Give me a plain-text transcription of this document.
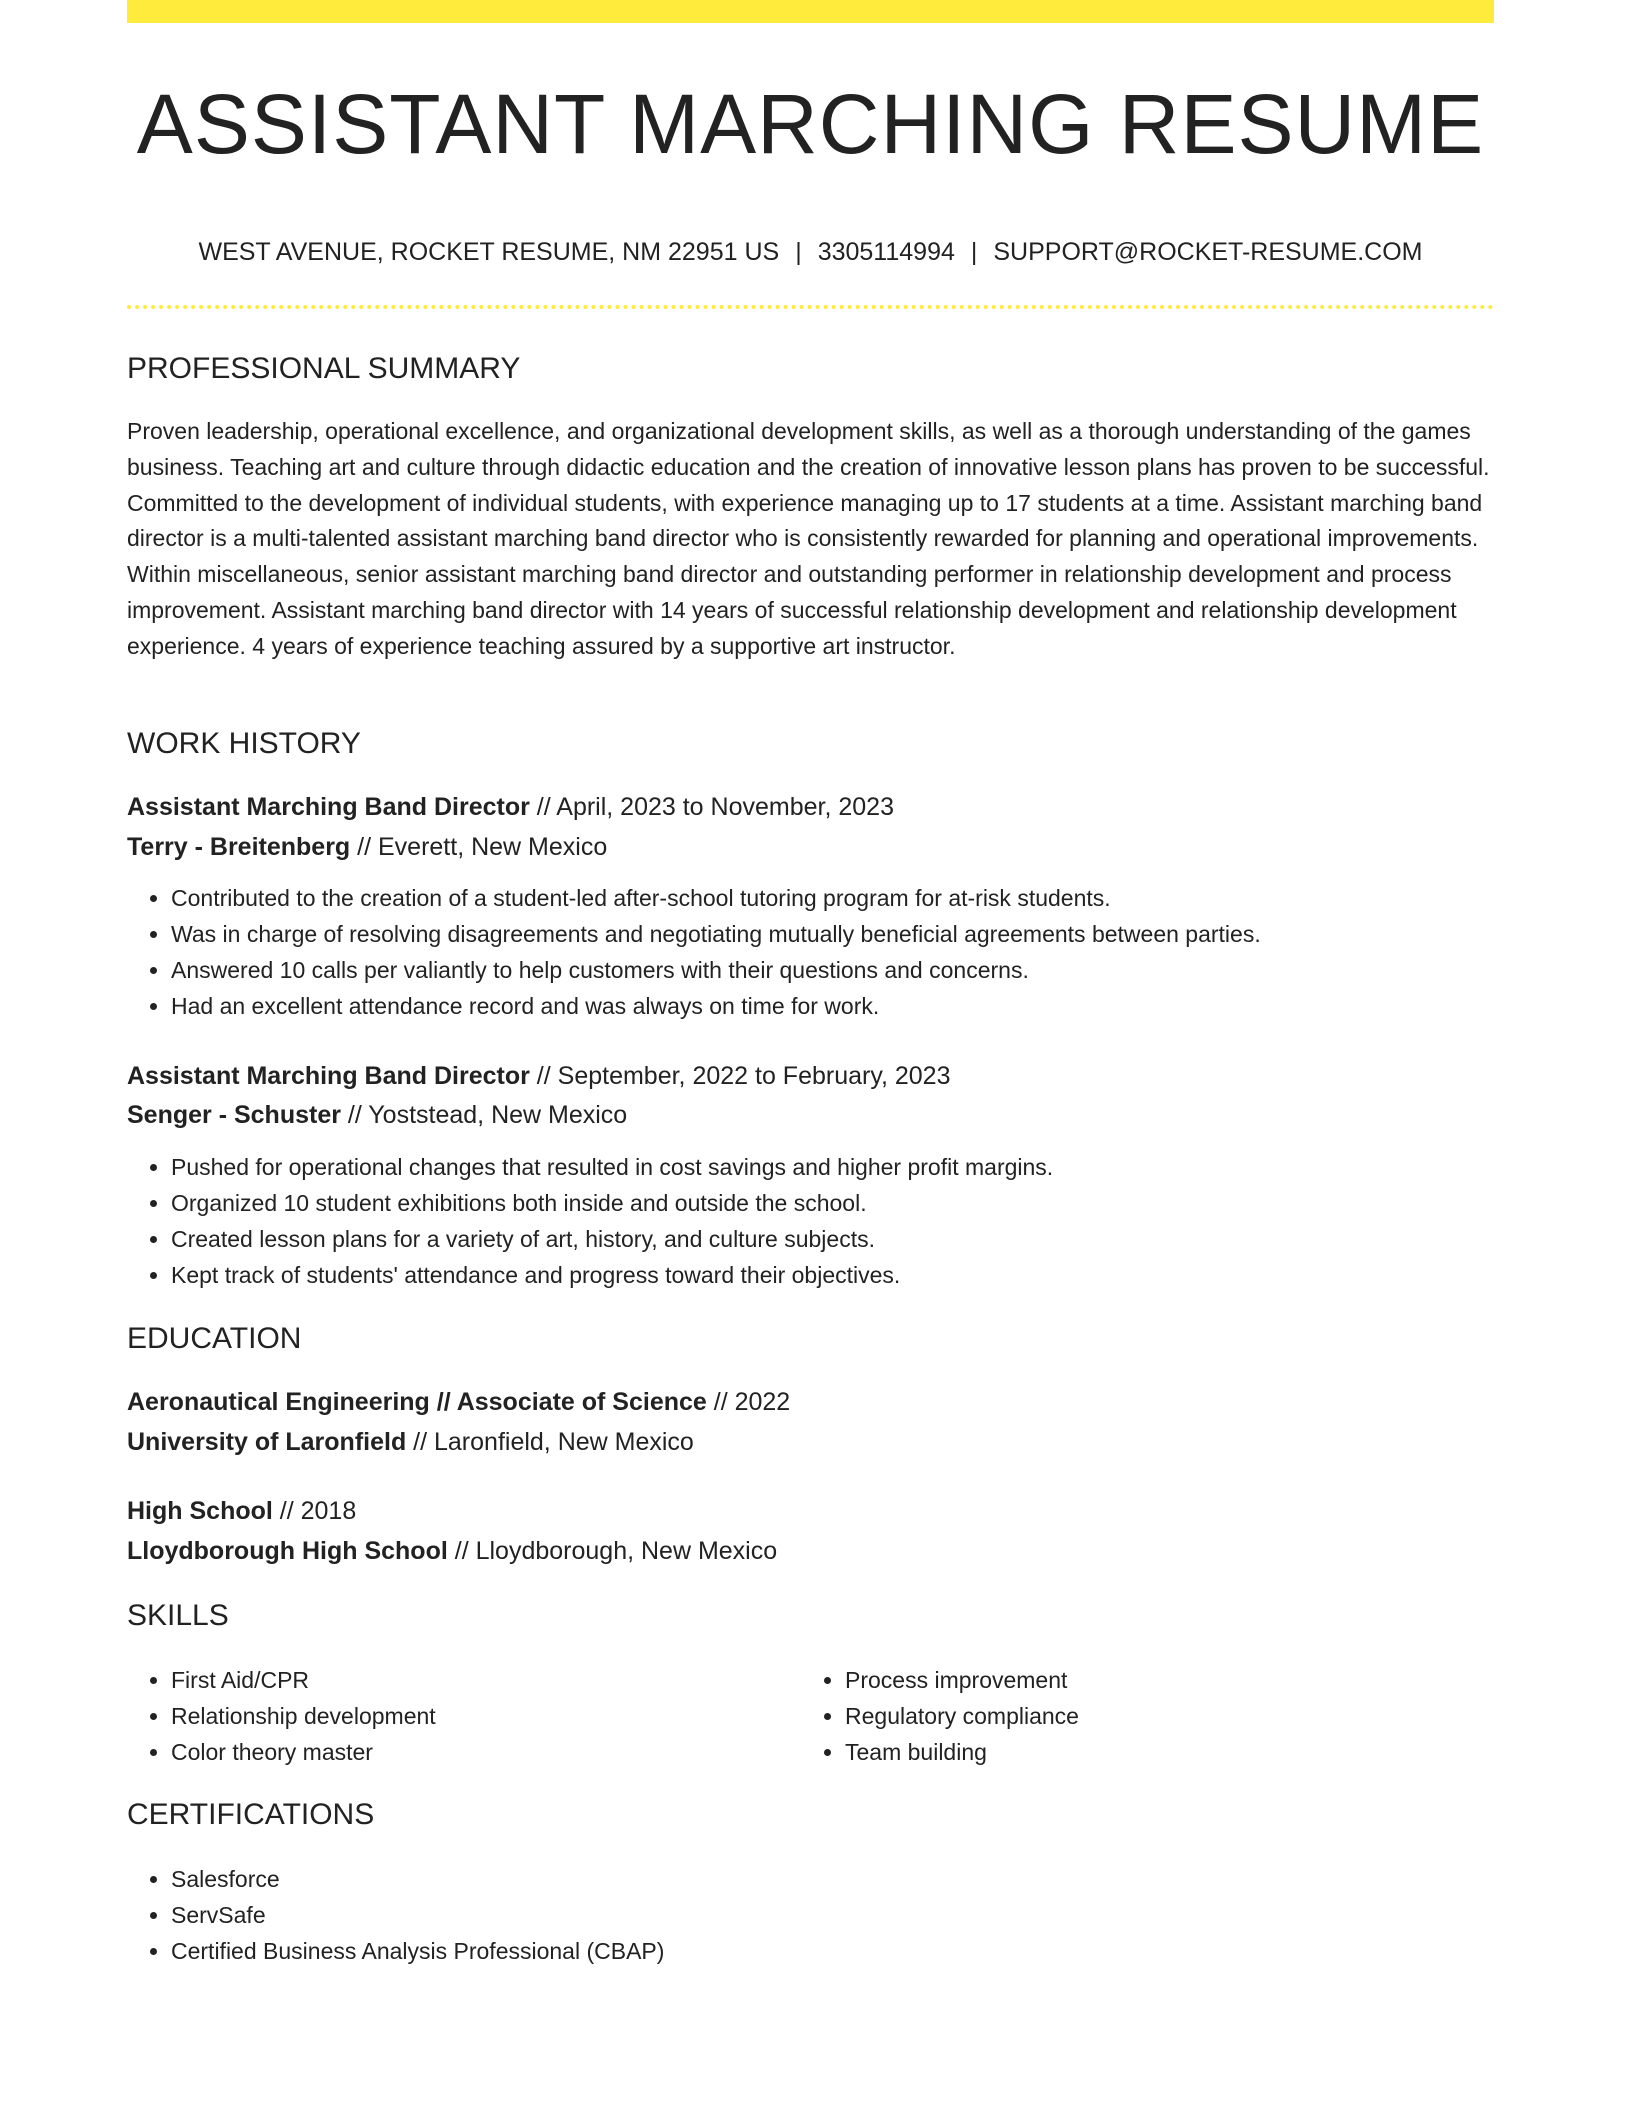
ASSISTANT MARCHING RESUME
WEST AVENUE, ROCKET RESUME, NM 22951 US | 3305114994 | SUPPORT@ROCKET-RESUME.COM
PROFESSIONAL SUMMARY

Proven leadership, operational excellence, and organizational development skills, as well as a thorough understanding of the games business. Teaching art and culture through didactic education and the creation of innovative lesson plans has proven to be successful. Committed to the development of individual students, with experience managing up to 17 students at a time. Assistant marching band director is a multi-talented assistant marching band director who is consistently rewarded for planning and operational improvements. Within miscellaneous, senior assistant marching band director and outstanding performer in relationship development and process improvement. Assistant marching band director with 14 years of successful relationship development and relationship development experience. 4 years of experience teaching assured by a supportive art instructor.

WORK HISTORY
Assistant Marching Band Director // April, 2023 to November, 2023
Terry - Breitenberg // Everett, New Mexico
• Contributed to the creation of a student-led after-school tutoring program for at-risk students.
• Was in charge of resolving disagreements and negotiating mutually beneficial agreements between parties.
• Answered 10 calls per valiantly to help customers with their questions and concerns.
• Had an excellent attendance record and was always on time for work.
Assistant Marching Band Director // September, 2022 to February, 2023
Senger - Schuster // Yoststead, New Mexico
• Pushed for operational changes that resulted in cost savings and higher profit margins.
• Organized 10 student exhibitions both inside and outside the school.
• Created lesson plans for a variety of art, history, and culture subjects.
• Kept track of students' attendance and progress toward their objectives.
EDUCATION
Aeronautical Engineering // Associate of Science // 2022
University of Laronfield // Laronfield, New Mexico
High School // 2018
Lloydborough High School // Lloydborough, New Mexico
SKILLS
• First Aid/CPR
• Relationship development
• Color theory master
• Process improvement
• Regulatory compliance
• Team building
CERTIFICATIONS
• Salesforce
• ServSafe
• Certified Business Analysis Professional (CBAP)
